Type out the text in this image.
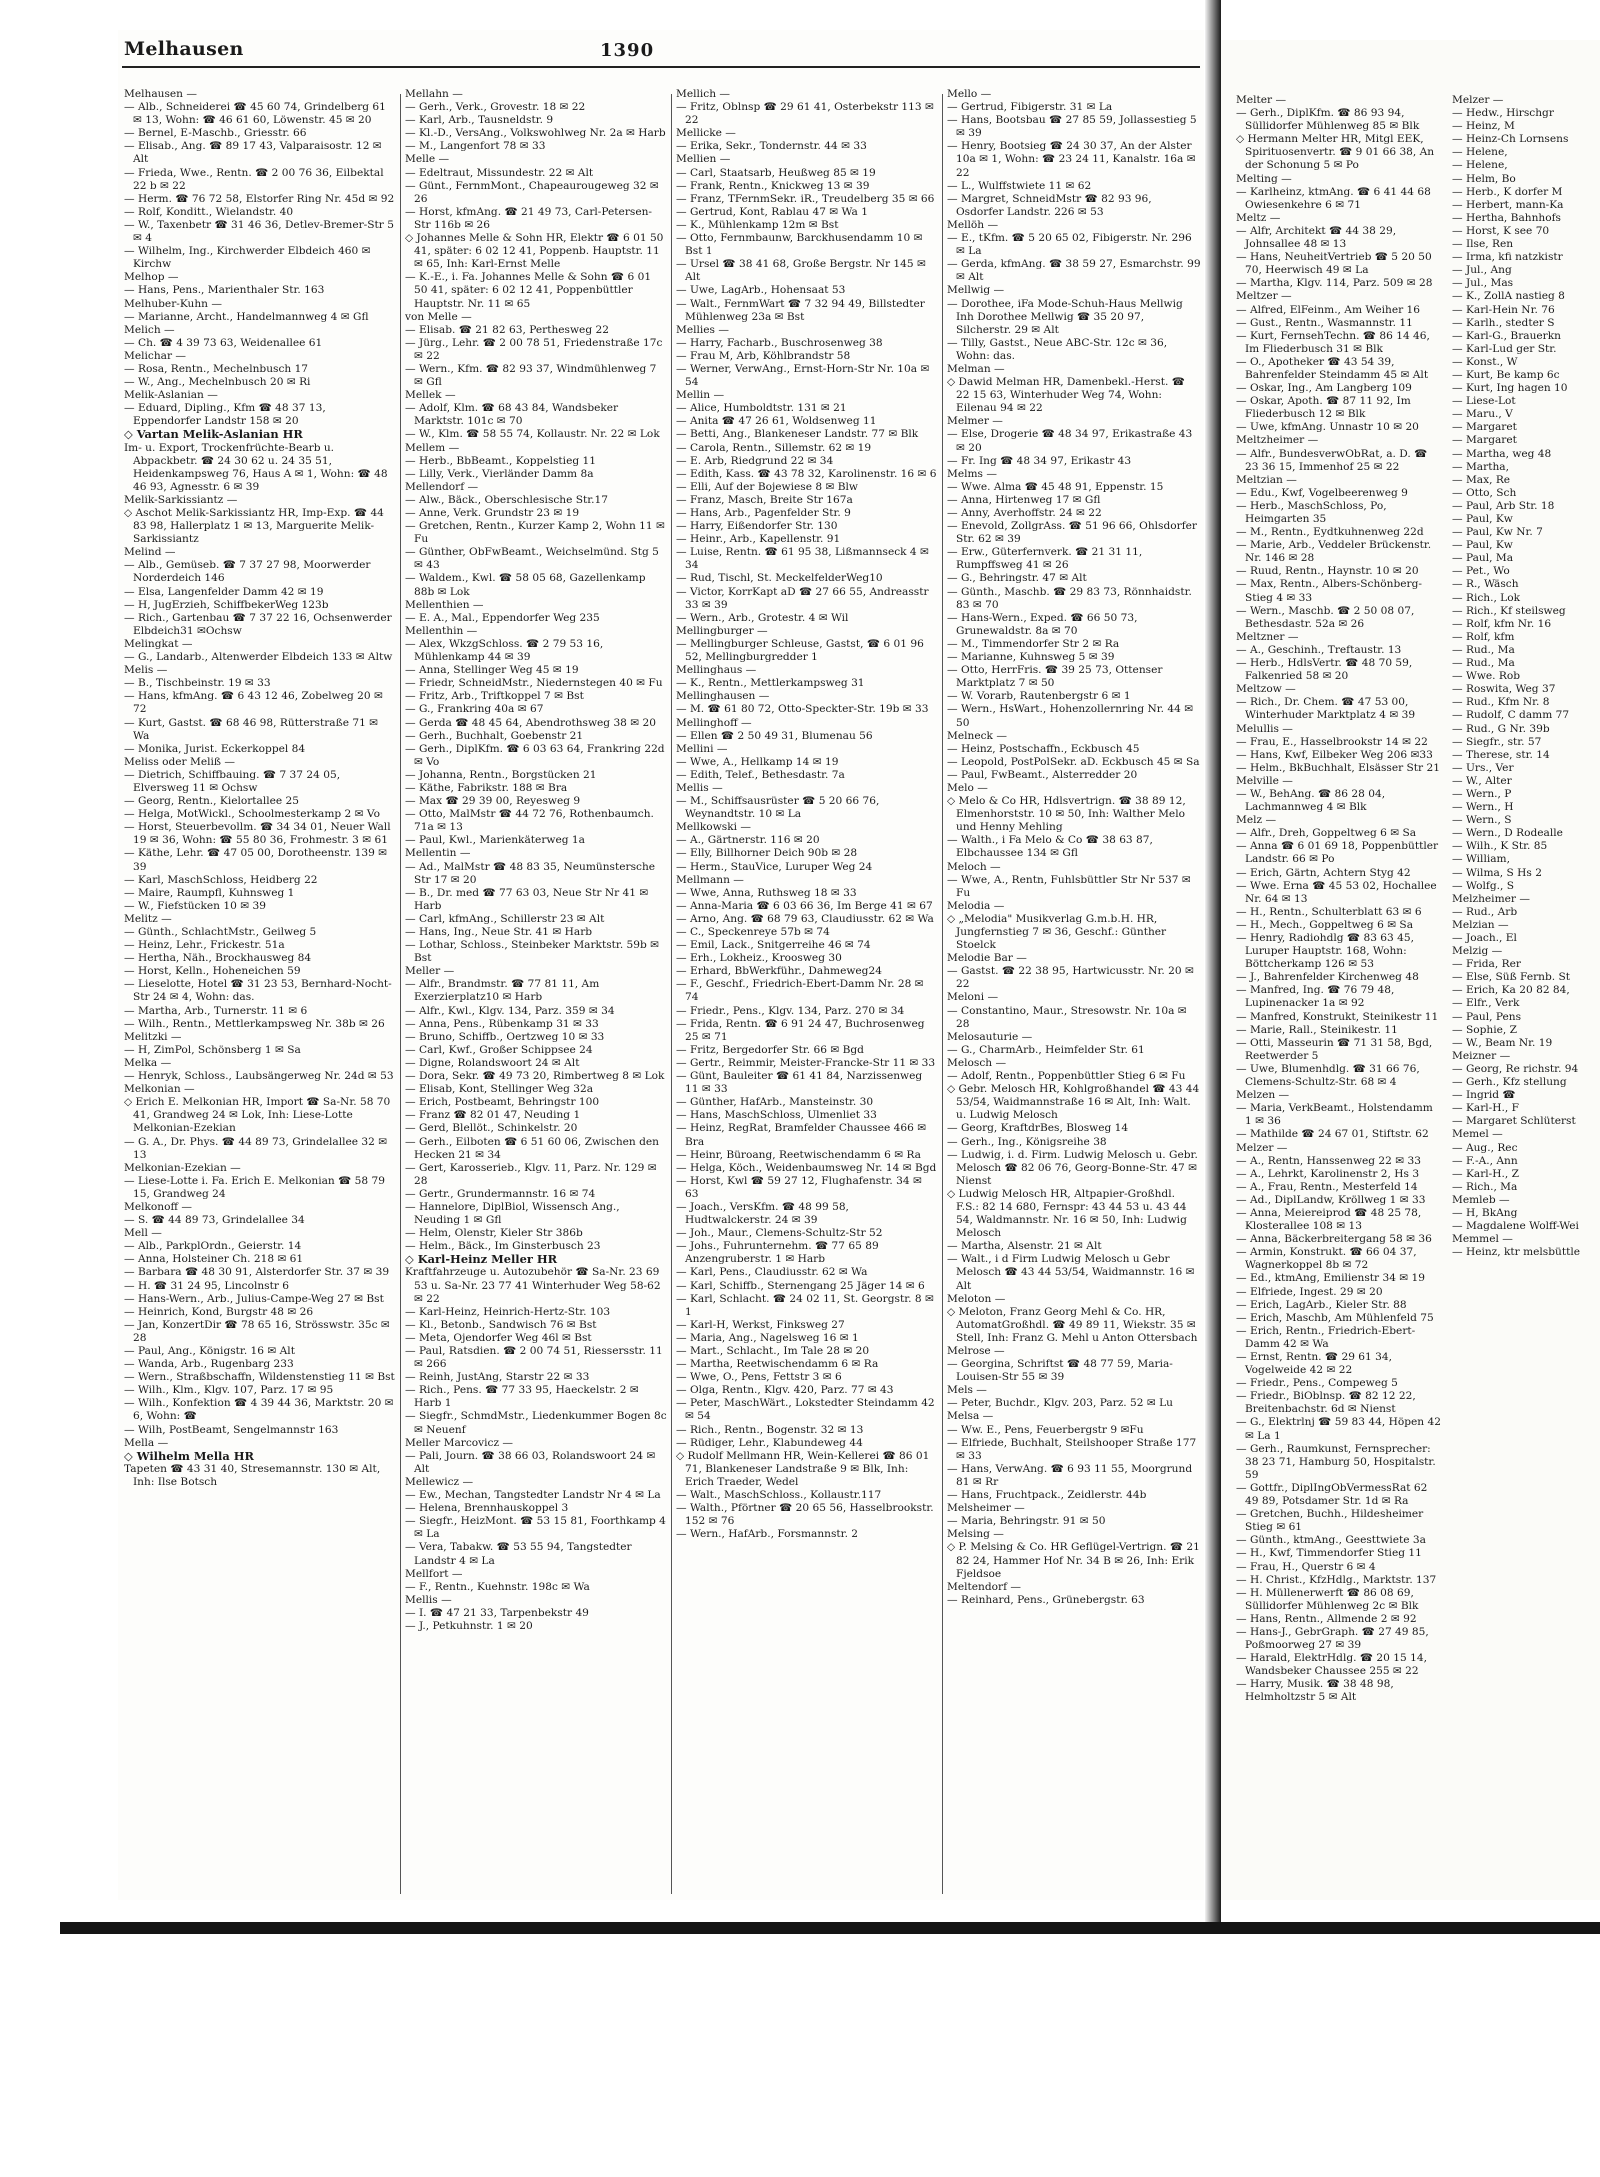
Melhausen	1390

Melhausen —

— Alb., Schneiderei ☎ 45 60 74, Grindelberg 61 ✉ 13, Wohn: ☎ 46 61 60, Löwenstr. 45 ✉ 20

— Bernel, E-Maschb., Griesstr. 66

— Elisab., Ang. ☎ 89 17 43, Valparaisostr. 12 ✉ Alt

— Frieda, Wwe., Rentn. ☎ 2 00 76 36, Eilbektal 22 b ✉ 22

— Herm. ☎ 76 72 58, Elstorfer Ring Nr. 45d ✉ 92

— Rolf, Konditt., Wielandstr. 40

— W., Taxenbetr ☎ 31 46 36, Detlev-Bremer-Str 5 ✉ 4

— Wilhelm, Ing., Kirchwerder Elbdeich 460 ✉ Kirchw

Melhop —

— Hans, Pens., Marienthaler Str. 163

Melhuber-Kuhn —

— Marianne, Archt., Handelmannweg 4 ✉ Gfl

Melich —

— Ch. ☎ 4 39 73 63, Weidenallee 61

Melichar —

— Rosa, Rentn., Mechelnbusch 17

— W., Ang., Mechelnbusch 20 ✉ Ri

Melik-Aslanian —

— Eduard, Dipling., Kfm ☎ 48 37 13, Eppendorfer Landstr 158 ✉ 20

◇ Vartan Melik-Aslanian HR

Im- u. Export, Trockenfrüchte-Bearb u. Abpackbetr. ☎ 24 30 62 u. 24 35 51, Heidenkampsweg 76, Haus A ✉ 1, Wohn: ☎ 48 46 93, Agnesstr. 6 ✉ 39

Melik-Sarkissiantz —

◇ Aschot Melik-Sarkissiantz HR, Imp-Exp. ☎ 44 83 98, Hallerplatz 1 ✉ 13, Marguerite Melik-Sarkissiantz

Melind —

— Alb., Gemüseb. ☎ 7 37 27 98, Moorwerder Norderdeich 146

— Elsa, Langenfelder Damm 42 ✉ 19

— H, JugErzieh, SchiffbekerWeg 123b

— Rich., Gartenbau ☎ 7 37 22 16, Ochsenwerder Elbdeich31 ✉Ochsw

Melingkat —

— G., Landarb., Altenwerder Elbdeich 133 ✉ Altw

Melis —

— B., Tischbeinstr. 19 ✉ 33

— Hans, kfmAng. ☎ 6 43 12 46, Zobelweg 20 ✉ 72

— Kurt, Gastst. ☎ 68 46 98, Rütterstraße 71 ✉ Wa

— Monika, Jurist. Eckerkoppel 84

Meliss oder Meliß —

— Dietrich, Schiffbauing. ☎ 7 37 24 05, Elversweg 11 ✉ Ochsw

— Georg, Rentn., Kielortallee 25

— Helga, MotWickl., Schoolmesterkamp 2 ✉ Vo

— Horst, Steuerbevollm. ☎ 34 34 01, Neuer Wall 19 ✉ 36, Wohn: ☎ 55 80 36, Frohmestr. 3 ✉ 61

— Käthe, Lehr. ☎ 47 05 00, Dorotheenstr. 139 ✉ 39

— Karl, MaschSchloss, Heidberg 22

— Maire, Raumpfl, Kuhnsweg 1

— W., Fiefstücken 10 ✉ 39

Melitz —

— Günth., SchlachtMstr., Geilweg 5

— Heinz, Lehr., Frickestr. 51a

— Hertha, Näh., Brockhausweg 84

— Horst, Kelln., Hoheneichen 59

— Lieselotte, Hotel ☎ 31 23 53, Bernhard-Nocht-Str 24 ✉ 4, Wohn: das.

— Martha, Arb., Turnerstr. 11 ✉ 6

— Wilh., Rentn., Mettlerkampsweg Nr. 38b ✉ 26

Melitzki —

— H, ZimPol, Schönsberg 1 ✉ Sa

Melka —

— Henryk, Schloss., Laubsängerweg Nr. 24d ✉ 53

Melkonian —

◇ Erich E. Melkonian HR, Import ☎ Sa-Nr. 58 70 41, Grandweg 24 ✉ Lok, Inh: Liese-Lotte Melkonian-Ezekian

— G. A., Dr. Phys. ☎ 44 89 73, Grindelallee 32 ✉ 13

Melkonian-Ezekian —

— Liese-Lotte i. Fa. Erich E. Melkonian ☎ 58 79 15, Grandweg 24

Melkonoff —

— S. ☎ 44 89 73, Grindelallee 34

Mell —

— Alb., ParkplOrdn., Geierstr. 14

— Anna, Holsteiner Ch. 218 ✉ 61

— Barbara ☎ 48 30 91, Alsterdorfer Str. 37 ✉ 39

— H. ☎ 31 24 95, Lincolnstr 6

— Hans-Wern., Arb., Julius-Campe-Weg 27 ✉ Bst

— Heinrich, Kond, Burgstr 48 ✉ 26

— Jan, KonzertDir ☎ 78 65 16, Strösswstr. 35c ✉ 28

— Paul, Ang., Königstr. 16 ✉ Alt

— Wanda, Arb., Rugenbarg 233

— Wern., Straßbschaffn, Wildenstenstieg 11 ✉ Bst

— Wilh., Klm., Klgv. 107, Parz. 17 ✉ 95

— Wilh., Konfektion ☎ 4 39 44 36, Marktstr. 20 ✉ 6, Wohn: ☎

— Wilh, PostBeamt, Sengelmannstr 163

Mella —

◇ Wilhelm Mella HR

Tapeten ☎ 43 31 40, Stresemannstr. 130 ✉ Alt, Inh: Ilse Botsch

Mellahn —

— Gerh., Verk., Grovestr. 18 ✉ 22

— Karl, Arb., Tausneldstr. 9

— Kl.-D., VersAng., Volkswohlweg Nr. 2a ✉ Harb

— M., Langenfort 78 ✉ 33

Melle —

— Edeltraut, Missundestr. 22 ✉ Alt

— Günt., FernmMont., Chapeaurougeweg 32 ✉ 26

— Horst, kfmAng. ☎ 21 49 73, Carl-Petersen-Str 116b ✉ 26

◇ Johannes Melle & Sohn HR, Elektr ☎ 6 01 50 41, später: 6 02 12 41, Poppenb. Hauptstr. 11 ✉ 65, Inh: Karl-Ernst Melle

— K.-E., i. Fa. Johannes Melle & Sohn ☎ 6 01 50 41, später: 6 02 12 41, Poppenbüttler Hauptstr. Nr. 11 ✉ 65

von Melle —

— Elisab. ☎ 21 82 63, Perthesweg 22

— Jürg., Lehr. ☎ 2 00 78 51, Friedenstraße 17c ✉ 22

— Wern., Kfm. ☎ 82 93 37, Windmühlenweg 7 ✉ Gfl

Mellek —

— Adolf, Klm. ☎ 68 43 84, Wandsbeker Marktstr. 101c ✉ 70

— W., Klm. ☎ 58 55 74, Kollaustr. Nr. 22 ✉ Lok

Mellem —

— Herb., BbBeamt., Koppelstieg 11

— Lilly, Verk., Vierländer Damm 8a

Mellendorf —

— Alw., Bäck., Oberschlesische Str.17

— Anne, Verk. Grundstr 23 ✉ 19

— Gretchen, Rentn., Kurzer Kamp 2, Wohn 11 ✉ Fu

— Günther, ObFwBeamt., Weichselmünd. Stg 5 ✉ 43

— Waldem., Kwl. ☎ 58 05 68, Gazellenkamp 88b ✉ Lok

Mellenthien —

— E. A., Mal., Eppendorfer Weg 235

Mellenthin —

— Alex, WkzgSchloss. ☎ 2 79 53 16, Mühlenkamp 44 ✉ 39

— Anna, Stellinger Weg 45 ✉ 19

— Friedr, SchneidMstr., Niedernstegen 40 ✉ Fu

— Fritz, Arb., Triftkoppel 7 ✉ Bst

— G., Frankring 40a ✉ 67

— Gerda ☎ 48 45 64, Abendrothsweg 38 ✉ 20

— Gerh., Buchhalt, Goebenstr 21

— Gerh., DiplKfm. ☎ 6 03 63 64, Frankring 22d ✉ Vo

— Johanna, Rentn., Borgstücken 21

— Käthe, Fabrikstr. 188 ✉ Bra

— Max ☎ 29 39 00, Reyesweg 9

— Otto, MalMstr ☎ 44 72 76, Rothenbaumch. 71a ✉ 13

— Paul, Kwl., Marienkäterweg 1a

Mellentin —

— Ad., MalMstr ☎ 48 83 35, Neumünstersche Str 17 ✉ 20

— B., Dr. med ☎ 77 63 03, Neue Str Nr 41 ✉ Harb

— Carl, kfmAng., Schillerstr 23 ✉ Alt

— Hans, Ing., Neue Str. 41 ✉ Harb

— Lothar, Schloss., Steinbeker Marktstr. 59b ✉ Bst

Meller —

— Alfr., Brandmstr. ☎ 77 81 11, Am Exerzierplatz10 ✉ Harb

— Alfr., Kwl., Klgv. 134, Parz. 359 ✉ 34

— Anna, Pens., Rübenkamp 31 ✉ 33

— Bruno, Schiffb., Oertzweg 10 ✉ 33

— Carl, Kwf., Großer Schippsee 24

— Digne, Rolandswoort 24 ✉ Alt

— Dora, Sekr. ☎ 49 73 20, Rimbertweg 8 ✉ Lok

— Elisab, Kont, Stellinger Weg 32a

— Erich, Postbeamt, Behringstr 100

— Franz ☎ 82 01 47, Neuding 1

— Gerd, Blellöt., Schinkelstr. 20

— Gerh., Eilboten ☎ 6 51 60 06, Zwischen den Hecken 21 ✉ 34

— Gert, Karosserieb., Klgv. 11, Parz. Nr. 129 ✉ 28

— Gertr., Grundermannstr. 16 ✉ 74

— Hannelore, DiplBiol, Wissensch Ang., Neuding 1 ✉ Gfl

— Helm, Olenstr, Kieler Str 386b

— Helm., Bäck., Im Ginsterbusch 23

◇ Karl-Heinz Meller HR

Kraftfahrzeuge u. Autozubehör ☎ Sa-Nr. 23 69 53 u. Sa-Nr. 23 77 41 Winterhuder Weg 58-62 ✉ 22

— Karl-Heinz, Heinrich-Hertz-Str. 103

— Kl., Betonb., Sandwisch 76 ✉ Bst

— Meta, Ojendorfer Weg 46l ✉ Bst

— Paul, Ratsdien. ☎ 2 00 74 51, Riessersstr. 11 ✉ 266

— Reinh, JustAng, Starstr 22 ✉ 33

— Rich., Pens. ☎ 77 33 95, Haeckelstr. 2 ✉ Harb 1

— Siegfr., SchmdMstr., Liedenkummer Bogen 8c ✉ Neuenf

Meller Marcovicz —

— Pali, Journ. ☎ 38 66 03, Rolandswoort 24 ✉ Alt

Mellewicz —

— Ew., Mechan, Tangstedter Landstr Nr 4 ✉ La

— Helena, Brennhauskoppel 3

— Siegfr., HeizMont. ☎ 53 15 81, Foorthkamp 4 ✉ La

— Vera, Tabakw. ☎ 53 55 94, Tangstedter Landstr 4 ✉ La

Mellfort —

— F., Rentn., Kuehnstr. 198c ✉ Wa

Mellis —

— I. ☎ 47 21 33, Tarpenbekstr 49

— J., Petkuhnstr. 1 ✉ 20

Mellich —

— Fritz, Oblnsp ☎ 29 61 41, Osterbekstr 113 ✉ 22

Mellicke —

— Erika, Sekr., Tondernstr. 44 ✉ 33

Mellien —

— Carl, Staatsarb, Heußweg 85 ✉ 19

— Frank, Rentn., Knickweg 13 ✉ 39

— Franz, TFernmSekr. iR., Treudelberg 35 ✉ 66

— Gertrud, Kont, Rablau 47 ✉ Wa 1

— K., Mühlenkamp 12m ✉ Bst

— Otto, Fernmbaunw, Barckhusendamm 10 ✉ Bst 1

— Ursel ☎ 38 41 68, Große Bergstr. Nr 145 ✉ Alt

— Uwe, LagArb., Hohensaat 53

— Walt., FernmWart ☎ 7 32 94 49, Billstedter Mühlenweg 23a ✉ Bst

Mellies —

— Harry, Facharb., Buschrosenweg 38

— Frau M, Arb, Köhlbrandstr 58

— Werner, VerwAng., Ernst-Horn-Str Nr. 10a ✉ 54

Mellin —

— Alice, Humboldtstr. 131 ✉ 21

— Anita ☎ 47 26 61, Woldsenweg 11

— Betti, Ang., Blankeneser Landstr. 77 ✉ Blk

— Carola, Rentn., Sillemstr. 62 ✉ 19

— E. Arb, Riedgrund 22 ✉ 34

— Edith, Kass. ☎ 43 78 32, Karolinenstr. 16 ✉ 6

— Elli, Auf der Bojewiese 8 ✉ Blw

— Franz, Masch, Breite Str 167a

— Hans, Arb., Pagenfelder Str. 9

— Harry, Eißendorfer Str. 130

— Heinr., Arb., Kapellenstr. 91

— Luise, Rentn. ☎ 61 95 38, Lißmannseck 4 ✉ 34

— Rud, Tischl, St. MeckelfelderWeg10

— Victor, KorrKapt aD ☎ 27 66 55, Andreasstr 33 ✉ 39

— Wern., Arb., Grotestr. 4 ✉ Wil

Mellingburger —

— Mellingburger Schleuse, Gastst, ☎ 6 01 96 52, Mellingburgredder 1

Mellinghaus —

— K., Rentn., Mettlerkampsweg 31

Mellinghausen —

— M. ☎ 61 80 72, Otto-Speckter-Str. 19b ✉ 33

Mellinghoff —

— Ellen ☎ 2 50 49 31, Blumenau 56

Mellini —

— Wwe, A., Hellkamp 14 ✉ 19

— Edith, Telef., Bethesdastr. 7a

Mellis —

— M., Schiffsausrüster ☎ 5 20 66 76, Weynandtstr. 10 ✉ La

Mellkowski —

— A., Gärtnerstr. 116 ✉ 20

— Elly, Billhorner Deich 90b ✉ 28

— Herm., StauVice, Luruper Weg 24

Mellmann —

— Wwe, Anna, Ruthsweg 18 ✉ 33

— Anna-Maria ☎ 6 03 66 36, Im Berge 41 ✉ 67

— Arno, Ang. ☎ 68 79 63, Claudiusstr. 62 ✉ Wa

— C., Speckenreye 57b ✉ 74

— Emil, Lack., Snitgerreihe 46 ✉ 74

— Erh., Lokheiz., Kroosweg 30

— Erhard, BbWerkführ., Dahmeweg24

— F., Geschf., Friedrich-Ebert-Damm Nr. 28 ✉ 74

— Friedr., Pens., Klgv. 134, Parz. 270 ✉ 34

— Frida, Rentn. ☎ 6 91 24 47, Buchrosenweg 25 ✉ 71

— Fritz, Bergedorfer Str. 66 ✉ Bgd

— Gertr., Reimmir, Meister-Francke-Str 11 ✉ 33

— Günt, Bauleiter ☎ 61 41 84, Narzissenweg 11 ✉ 33

— Günther, HafArb., Mansteinstr. 30

— Hans, MaschSchloss, Ulmenliet 33

— Heinz, RegRat, Bramfelder Chaussee 466 ✉ Bra

— Heinr, Büroang, Reetwischendamm 6 ✉ Ra

— Helga, Köch., Weidenbaumsweg Nr. 14 ✉ Bgd

— Horst, Kwl ☎ 59 27 12, Flughafenstr. 34 ✉ 63

— Joach., VersKfm. ☎ 48 99 58, Hudtwalckerstr. 24 ✉ 39

— Joh., Maur., Clemens-Schultz-Str 52

— Johs., Fuhrunternehm. ☎ 77 65 89 Anzengruberstr. 1 ✉ Harb

— Karl, Pens., Claudiusstr. 62 ✉ Wa

— Karl, Schiffb., Sternengang 25 Jäger 14 ✉ 6

— Karl, Schlacht. ☎ 24 02 11, St. Georgstr. 8 ✉ 1

— Karl-H, Werkst, Finksweg 27

— Maria, Ang., Nagelsweg 16 ✉ 1

— Mart., Schlacht., Im Tale 28 ✉ 20

— Martha, Reetwischendamm 6 ✉ Ra

— Wwe, O., Pens, Fettstr 3 ✉ 6

— Olga, Rentn., Klgv. 420, Parz. 77 ✉ 43

— Peter, MaschWärt., Lokstedter Steindamm 42 ✉ 54

— Rich., Rentn., Bogenstr. 32 ✉ 13

— Rüdiger, Lehr., Klabundeweg 44

◇ Rudolf Mellmann HR, Wein-Kellerei ☎ 86 01 71, Blankeneser Landstraße 9 ✉ Blk, Inh: Erich Traeder, Wedel

— Walt., MaschSchloss., Kollaustr.117

— Walth., Pförtner ☎ 20 65 56, Hasselbrookstr. 152 ✉ 76

— Wern., HafArb., Forsmannstr. 2

Mello —

— Gertrud, Fibigerstr. 31 ✉ La

— Hans, Bootsbau ☎ 27 85 59, Jollassestieg 5 ✉ 39

— Henry, Bootsieg ☎ 24 30 37, An der Alster 10a ✉ 1, Wohn: ☎ 23 24 11, Kanalstr. 16a ✉ 22

— L., Wulffstwiete 11 ✉ 62

— Margret, SchneidMstr ☎ 82 93 96, Osdorfer Landstr. 226 ✉ 53

Mellöh —

— E., tKfm. ☎ 5 20 65 02, Fibigerstr. Nr. 296 ✉ La

— Gerda, kfmAng. ☎ 38 59 27, Esmarchstr. 99 ✉ Alt

Mellwig —

— Dorothee, iFa Mode-Schuh-Haus Mellwig Inh Dorothee Mellwig ☎ 35 20 97, Silcherstr. 29 ✉ Alt

— Tilly, Gastst., Neue ABC-Str. 12c ✉ 36, Wohn: das.

Melman —

◇ Dawid Melman HR, Damenbekl.-Herst. ☎ 22 15 63, Winterhuder Weg 74, Wohn: Eilenau 94 ✉ 22

Melmer —

— Else, Drogerie ☎ 48 34 97, Erikastraße 43 ✉ 20

— Fr. Ing ☎ 48 34 97, Erikastr 43

Melms —

— Wwe. Alma ☎ 45 48 91, Eppenstr. 15

— Anna, Hirtenweg 17 ✉ Gfl

— Anny, Averhoffstr. 24 ✉ 22

— Enevold, ZollgrAss. ☎ 51 96 66, Ohlsdorfer Str. 62 ✉ 39

— Erw., Güterfernverk. ☎ 21 31 11, Rumpffsweg 41 ✉ 26

— G., Behringstr. 47 ✉ Alt

— Günth., Maschb. ☎ 29 83 73, Rönnhaidstr. 83 ✉ 70

— Hans-Wern., Exped. ☎ 66 50 73, Grunewaldstr. 8a ✉ 70

— M., Timmendorfer Str 2 ✉ Ra

— Marianne, Kuhnsweg 5 ✉ 39

— Otto, HerrFris. ☎ 39 25 73, Ottenser Marktplatz 7 ✉ 50

— W. Vorarb, Rautenbergstr 6 ✉ 1

— Wern., HsWart., Hohenzollernring Nr. 44 ✉ 50

Melneck —

— Heinz, Postschaffn., Eckbusch 45

— Leopold, PostPolSekr. aD. Eckbusch 45 ✉ Sa

— Paul, FwBeamt., Alsterredder 20

Melo —

◇ Melo & Co HR, Hdlsvertrign. ☎ 38 89 12, Elmenhorststr. 10 ✉ 50, Inh: Walther Melo und Henny Mehling

— Walth., i Fa Melo & Co ☎ 38 63 87, Elbchaussee 134 ✉ Gfl

Meloch —

— Wwe, A., Rentn, Fuhlsbüttler Str Nr 537 ✉ Fu

Melodia —

◇ „Melodia" Musikverlag G.m.b.H. HR, Jungfernstieg 7 ✉ 36, Geschf.: Günther Stoelck

Melodie Bar —

— Gastst. ☎ 22 38 95, Hartwicusstr. Nr. 20 ✉ 22

Meloni —

— Constantino, Maur., Stresowstr. Nr. 10a ✉ 28

Melosauturie —

— G., CharmArb., Heimfelder Str. 61

Melosch —

— Adolf, Rentn., Poppenbüttler Stieg 6 ✉ Fu

◇ Gebr. Melosch HR, Kohlgroßhandel ☎ 43 44 53/54, Waidmannstraße 16 ✉ Alt, Inh: Walt. u. Ludwig Melosch

— Georg, KraftdrBes, Blosweg 14

— Gerh., Ing., Königsreihe 38

— Ludwig, i. d. Firm. Ludwig Melosch u. Gebr. Melosch ☎ 82 06 76, Georg-Bonne-Str. 47 ✉ Nienst

◇ Ludwig Melosch HR, Altpapier-Großhdl. F.S.: 82 14 680, Fernspr: 43 44 53 u. 43 44 54, Waldmannstr. Nr. 16 ✉ 50, Inh: Ludwig Melosch

— Martha, Alsenstr. 21 ✉ Alt

— Walt., i d Firm Ludwig Melosch u Gebr Melosch ☎ 43 44 53/54, Waidmannstr. 16 ✉ Alt

Meloton —

◇ Meloton, Franz Georg Mehl & Co. HR, AutomatGroßhdl. ☎ 49 89 11, Wiekstr. 35 ✉ Stell, Inh: Franz G. Mehl u Anton Ottersbach

Melrose —

— Georgina, Schriftst ☎ 48 77 59, Maria-Louisen-Str 55 ✉ 39

Mels —

— Peter, Buchdr., Klgv. 203, Parz. 52 ✉ Lu

Melsa —

— Ww. E., Pens, Feuerbergstr 9 ✉Fu

— Elfriede, Buchhalt, Steilshooper Straße 177 ✉ 33

— Hans, VerwAng. ☎ 6 93 11 55, Moorgrund 81 ✉ Rr

— Hans, Fruchtpack., Zeidlerstr. 44b

Melsheimer —

— Maria, Behringstr. 91 ✉ 50

Melsing —

◇ P. Melsing & Co. HR Geflügel-Vertrign. ☎ 21 82 24, Hammer Hof Nr. 34 B ✉ 26, Inh: Erik Fjeldsoe

Meltendorf —

— Reinhard, Pens., Grünebergstr. 63

Melter —

— Gerh., DiplKfm. ☎ 86 93 94, Süllidorfer Mühlenweg 85 ✉ Blk

◇ Hermann Melter HR, Mitgl EEK, Spirituosenvertr. ☎ 9 01 66 38, An der Schonung 5 ✉ Po

Melting —

— Karlheinz, ktmAng. ☎ 6 41 44 68 Owiesenkehre 6 ✉ 71

Meltz —

— Alfr, Architekt ☎ 44 38 29, Johnsallee 48 ✉ 13

— Hans, NeuheitVertrieb ☎ 5 20 50 70, Heerwisch 49 ✉ La

— Martha, Klgv. 114, Parz. 509 ✉ 28

Meltzer —

— Alfred, ElFeinm., Am Weiher 16

— Gust., Rentn., Wasmannstr. 11

— Kurt, FernsehTechn. ☎ 86 14 46, Im Fliederbusch 31 ✉ Blk

— O., Apotheker ☎ 43 54 39, Bahrenfelder Steindamm 45 ✉ Alt

— Oskar, Ing., Am Langberg 109

— Oskar, Apoth. ☎ 87 11 92, Im Fliederbusch 12 ✉ Blk

— Uwe, kfmAng. Unnastr 10 ✉ 20

Meltzheimer —

— Alfr., BundesverwObRat, a. D. ☎ 23 36 15, Immenhof 25 ✉ 22

Meltzian —

— Edu., Kwf, Vogelbeerenweg 9

— Herb., MaschSchloss, Po, Heimgarten 35

— M., Rentn., Eydtkuhnenweg 22d

— Marie, Arb., Veddeler Brückenstr. Nr. 146 ✉ 28

— Ruud, Rentn., Haynstr. 10 ✉ 20

— Max, Rentn., Albers-Schönberg-Stieg 4 ✉ 33

— Wern., Maschb. ☎ 2 50 08 07, Bethesdastr. 52a ✉ 26

Meltzner —

— A., Geschinh., Treftaustr. 13

— Herb., HdlsVertr. ☎ 48 70 59, Falkenried 58 ✉ 20

Meltzow —

— Rich., Dr. Chem. ☎ 47 53 00, Winterhuder Marktplatz 4 ✉ 39

Melullis —

— Frau, E., Hasselbrookstr 14 ✉ 22

— Hans, Kwf, Eilbeker Weg 206 ✉33

— Helm., BkBuchhalt, Elsässer Str 21

Melville —

— W., BehAng. ☎ 86 28 04, Lachmannweg 4 ✉ Blk

Melz —

— Alfr., Dreh, Goppeltweg 6 ✉ Sa

— Anna ☎ 6 01 69 18, Poppenbüttler Landstr. 66 ✉ Po

— Erich, Gärtn, Achtern Styg 42

— Wwe. Erna ☎ 45 53 02, Hochallee Nr. 64 ✉ 13

— H., Rentn., Schulterblatt 63 ✉ 6

— H., Mech., Goppeltweg 6 ✉ Sa

— Henry, Radiohdlg ☎ 83 63 45, Luruper Hauptstr. 168, Wohn: Böttcherkamp 126 ✉ 53

— J., Bahrenfelder Kirchenweg 48

— Manfred, Ing. ☎ 76 79 48, Lupinenacker 1a ✉ 92

— Manfred, Konstrukt, Steinikestr 11

— Marie, Rall., Steinikestr. 11

— Otti, Masseurin ☎ 71 31 58, Bgd, Reetwerder 5

— Uwe, Blumenhdlg. ☎ 31 66 76, Clemens-Schultz-Str. 68 ✉ 4

Melzen —

— Maria, VerkBeamt., Holstendamm 1 ✉ 36

— Mathilde ☎ 24 67 01, Stiftstr. 62

Melzer —

— A., Rentn, Hanssenweg 22 ✉ 33

— A., Lehrkt, Karolinenstr 2, Hs 3

— A., Frau, Rentn., Mesterfeld 14

— Ad., DiplLandw, Kröllweg 1 ✉ 33

— Anna, Meiereiprod ☎ 48 25 78, Klosterallee 108 ✉ 13

— Anna, Bäckerbreitergang 58 ✉ 36

— Armin, Konstrukt. ☎ 66 04 37, Wagnerkoppel 8b ✉ 72

— Ed., ktmAng, Emilienstr 34 ✉ 19

— Elfriede, Ingest. 29 ✉ 20

— Erich, LagArb., Kieler Str. 88

— Erich, Maschb, Am Mühlenfeld 75

— Erich, Rentn., Friedrich-Ebert-Damm 42 ✉ Wa

— Ernst, Rentn. ☎ 29 61 34, Vogelweide 42 ✉ 22

— Friedr., Pens., Compeweg 5

— Friedr., BiOblnsp. ☎ 82 12 22, Breitenbachstr. 6d ✉ Nienst

— G., Elektrlnj ☎ 59 83 44, Höpen 42 ✉ La 1

— Gerh., Raumkunst, Fernsprecher: 38 23 71, Hamburg 50, Hospitalstr. 59

— Gottfr., DiplIngObVermessRat 62 49 89, Potsdamer Str. 1d ✉ Ra

— Gretchen, Buchh., Hildesheimer Stieg ✉ 61

— Günth., ktmAng., Geesttwiete 3a

— H., Kwf, Timmendorfer Stieg 11

— Frau, H., Querstr 6 ✉ 4

— H. Christ., KfzHdlg., Marktstr. 137

— H. Müllenerwerft ☎ 86 08 69, Süllidorfer Mühlenweg 2c ✉ Blk

— Hans, Rentn., Allmende 2 ✉ 92

— Hans-J., GebrGraph. ☎ 27 49 85, Poßmoorweg 27 ✉ 39

— Harald, ElektrHdlg. ☎ 20 15 14, Wandsbeker Chaussee 255 ✉ 22

— Harry, Musik. ☎ 38 48 98, Helmholtzstr 5 ✉ Alt

Melzer —

— Hedw., Hirschgr

— Heinz, M

— Heinz-Ch Lornsens

— Helene,

— Helene,

— Helm, Bo

— Herb., K dorfer M

— Herbert, mann-Ka

— Hertha, Bahnhofs

— Horst, K see 70

— Ilse, Ren

— Irma, kfi natzkistr

— Jul., Ang

— Jul., Mas

— K., ZollA nastieg 8

— Karl-Hein Nr. 76

— Karlh., stedter S

— Karl-G., Brauerkn

— Karl-Lud ger Str.

— Konst., W

— Kurt, Be kamp 6c

— Kurt, Ing hagen 10

— Liese-Lot

— Maru., V

— Margaret

— Margaret

— Martha, weg 48

— Martha,

— Max, Re

— Otto, Sch

— Paul, Arb Str. 18

— Paul, Kw

— Paul, Kw Nr. 7

— Paul, Kw

— Paul, Ma

— Pet., Wo

— R., Wäsch

— Rich., Lok

— Rich., Kf steilsweg

— Rolf, kfm Nr. 16

— Rolf, kfm

— Rud., Ma

— Rud., Ma

— Wwe. Rob

— Roswita, Weg 37

— Rud., Kfm Nr. 8

— Rudolf, C damm 77

— Rud., G Nr. 39b

— Siegfr., str. 57

— Therese, str. 14

— Urs., Ver

— W., Alter

— Wern., P

— Wern., H

— Wern., S

— Wern., D Rodealle

— Wilh., K Str. 85

— William,

— Wilma, S Hs 2

— Wolfg., S

Melzheimer —

— Rud., Arb

Melzian —

— Joach., El

Melzig —

— Frida, Rer

— Else, Süß Fernb. St

— Erich, Ka 20 82 84,

— Elfr., Verk

— Paul, Pens

— Sophie, Z

— W., Beam Nr. 19

Meizner —

— Georg, Re richstr. 94

— Gerh., Kfz stellung

— Ingrid ☎

— Karl-H., F

— Margaret Schlüterst

Memel —

— Aug., Rec

— F.-A., Ann

— Karl-H., Z

— Rich., Ma

Memleb —

— H, BkAng

— Magdalene Wolff-Wei

Memmel —

— Heinz, ktr melsbüttle
